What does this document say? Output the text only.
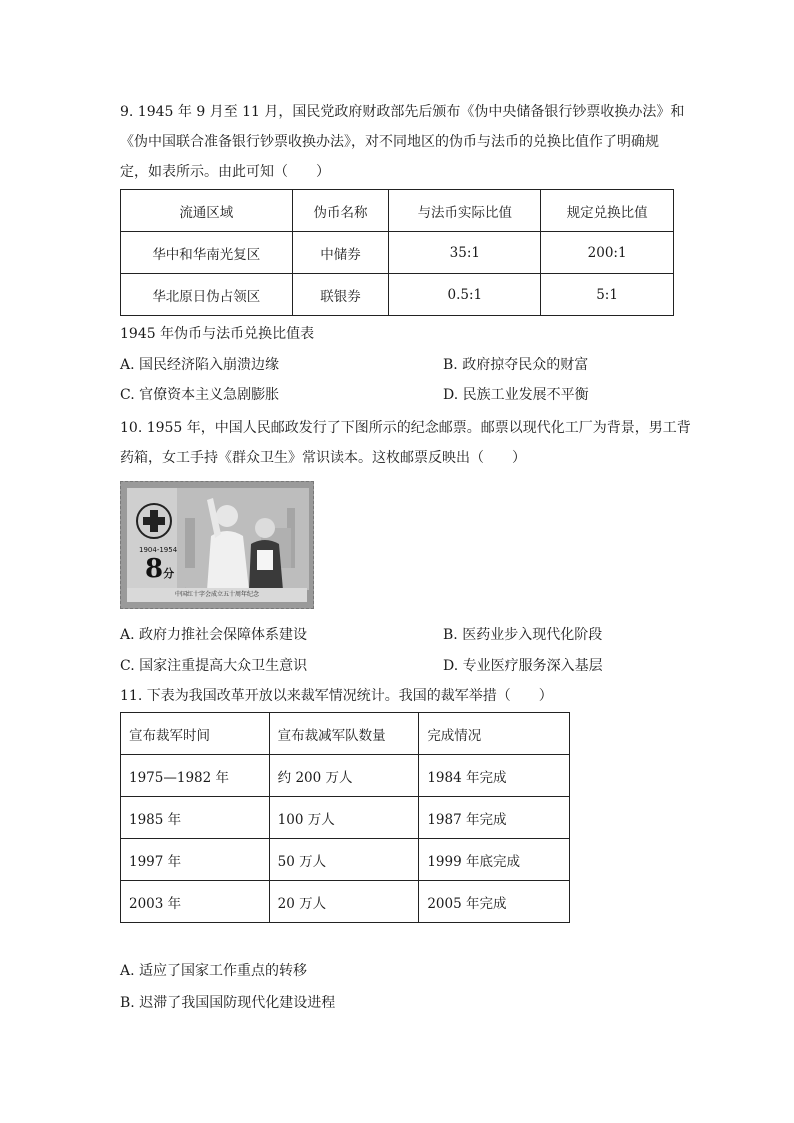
9. 1945 年 9 月至 11 月，国民党政府财政部先后颁布《伪中央储备银行钞票收换办法》和
《伪中国联合准备银行钞票收换办法》，对不同地区的伪币与法币的兑换比值作了明确规
定，如表所示。由此可知（　　）
流通区域	伪币名称	与法币实际比值	规定兑换比值
华中和华南光复区	中储券	35:1	200:1
华北原日伪占领区	联银券	0.5:1	5:1
1945 年伪币与法币兑换比值表
A. 国民经济陷入崩溃边缘	B. 政府掠夺民众的财富
C. 官僚资本主义急剧膨胀	D. 民族工业发展不平衡
10. 1955 年，中国人民邮政发行了下图所示的纪念邮票。邮票以现代化工厂为背景，男工背
药箱，女工手持《群众卫生》常识读本。这枚邮票反映出（　　）
1904-1954
8分
中国红十字会成立五十周年纪念
A. 政府力推社会保障体系建设	B. 医药业步入现代化阶段
C. 国家注重提高大众卫生意识	D. 专业医疗服务深入基层
11. 下表为我国改革开放以来裁军情况统计。我国的裁军举措（　　）
宣布裁军时间	宣布裁减军队数量	完成情况
1975—1982 年	约 200 万人	1984 年完成
1985 年	100 万人	1987 年完成
1997 年	50 万人	1999 年底完成
2003 年	20 万人	2005 年完成
A. 适应了国家工作重点的转移
B. 迟滞了我国国防现代化建设进程
